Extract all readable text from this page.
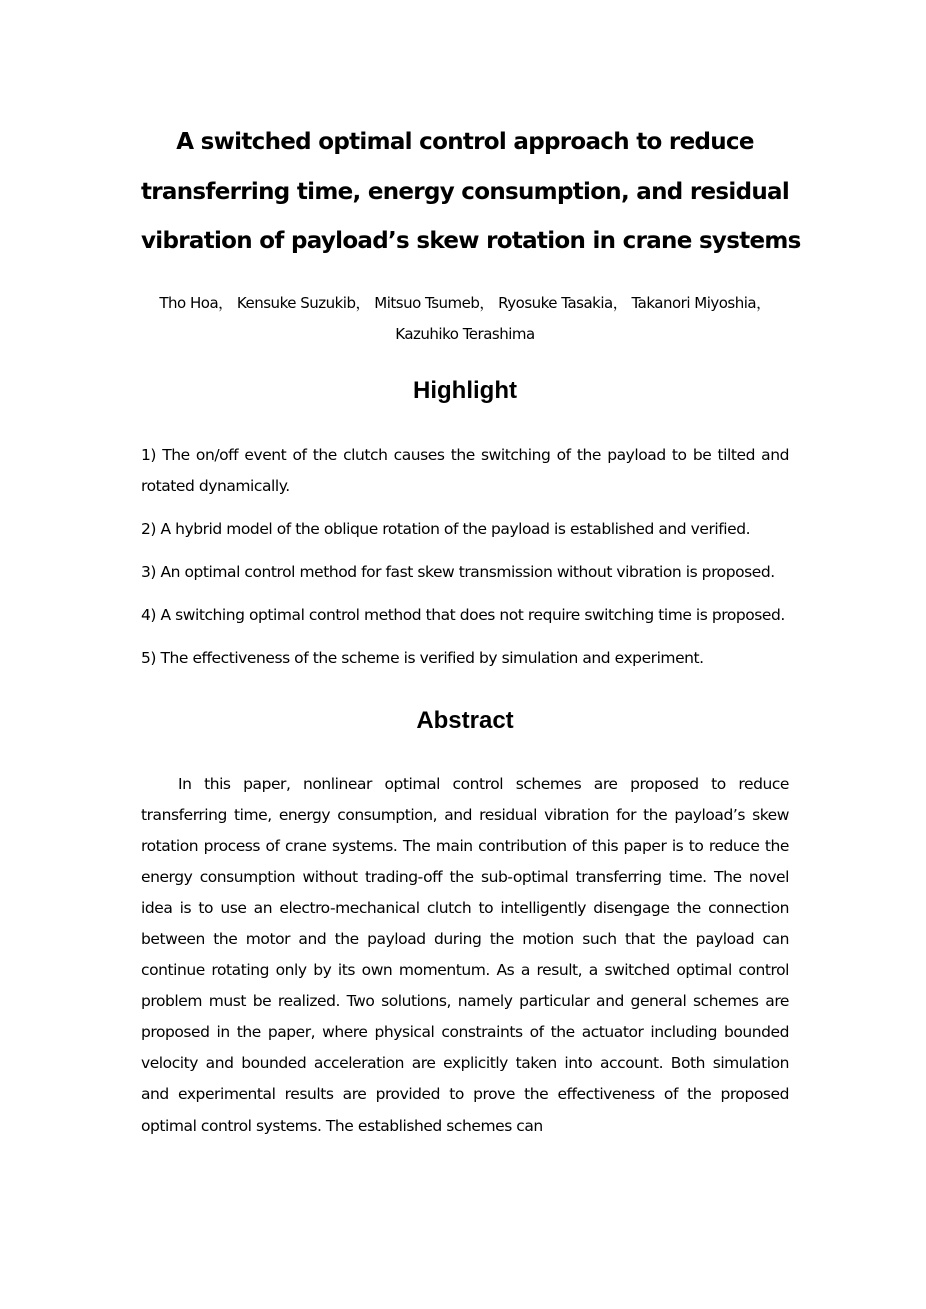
A switched optimal control approach to reduce
transferring time, energy consumption, and residual
vibration of payload’s skew rotation in crane systems

Tho Hoa， Kensuke Suzukib， Mitsuo Tsumeb， Ryosuke Tasakia， Takanori Miyoshia，
Kazuhiko Terashima

Highlight
1) The on/off event of the clutch causes the switching of the payload to be tilted and rotated dynamically.
2) A hybrid model of the oblique rotation of the payload is established and verified.
3) An optimal control method for fast skew transmission without vibration is proposed.
4) A switching optimal control method that does not require switching time is proposed.
5) The effectiveness of the scheme is verified by simulation and experiment.
Abstract

In this paper, nonlinear optimal control schemes are proposed to reduce transferring time, energy consumption, and residual vibration for the payload’s skew rotation process of crane systems. The main contribution of this paper is to reduce the energy consumption without trading-off the sub-optimal transferring time. The novel idea is to use an electro-mechanical clutch to intelligently disengage the connection between the motor and the payload during the motion such that the payload can continue rotating only by its own momentum. As a result, a switched optimal control problem must be realized. Two solutions, namely particular and general schemes are proposed in the paper, where physical constraints of the actuator including bounded velocity and bounded acceleration are explicitly taken into account. Both simulation and experimental results are provided to prove the effectiveness of the proposed optimal control systems. The established schemes can
